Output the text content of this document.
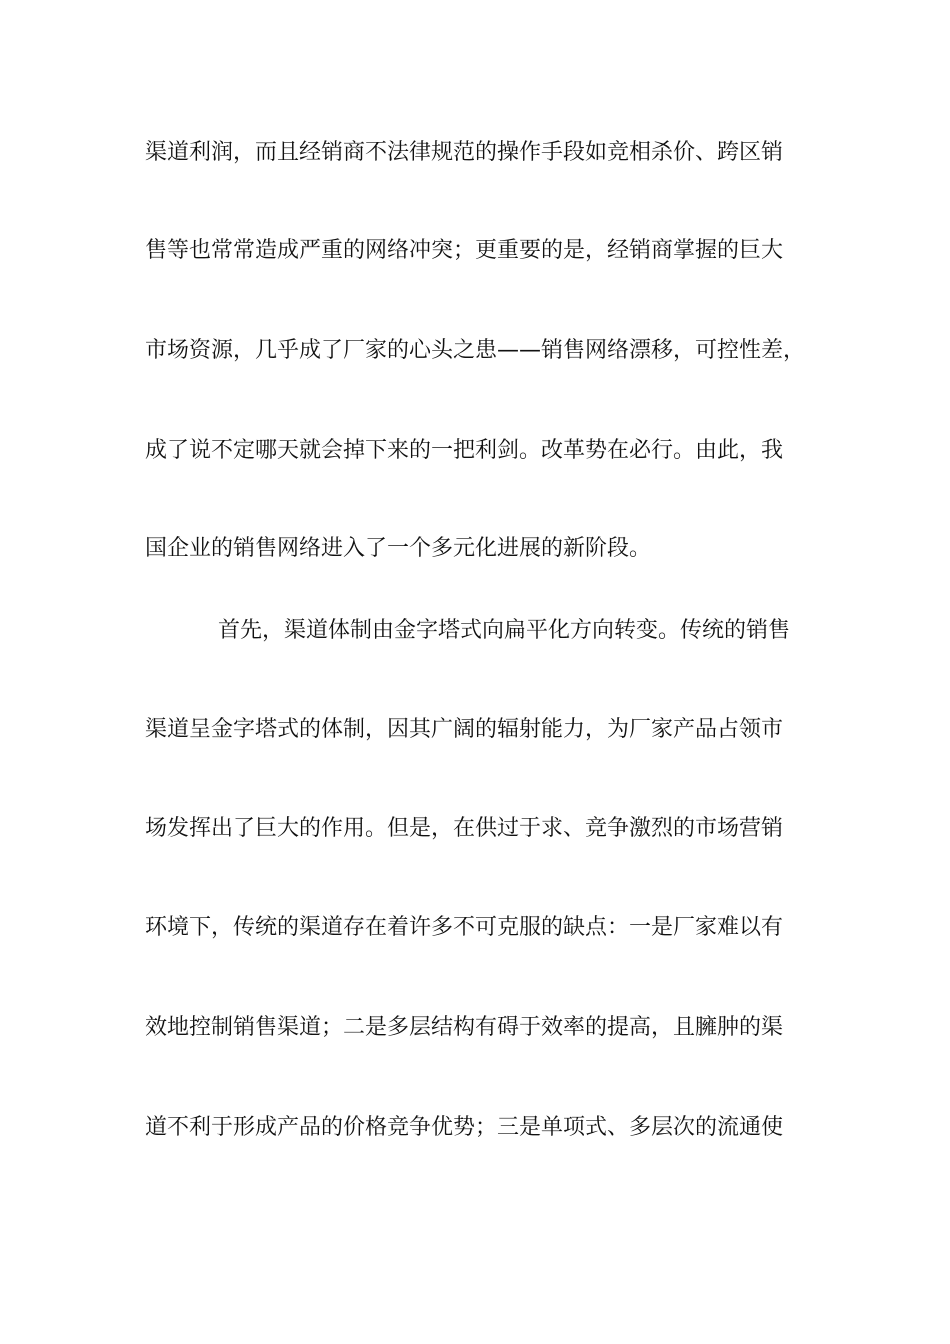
渠道利润，而且经销商不法律规范的操作手段如竞相杀价、跨区销
售等也常常造成严重的网络冲突；更重要的是，经销商掌握的巨大
市场资源，几乎成了厂家的心头之患——销售网络漂移，可控性差，
成了说不定哪天就会掉下来的一把利剑。改革势在必行。由此，我
国企业的销售网络进入了一个多元化进展的新阶段。
首先，渠道体制由金字塔式向扁平化方向转变。传统的销售
渠道呈金字塔式的体制，因其广阔的辐射能力，为厂家产品占领市
场发挥出了巨大的作用。但是，在供过于求、竞争激烈的市场营销
环境下，传统的渠道存在着许多不可克服的缺点：一是厂家难以有
效地控制销售渠道；二是多层结构有碍于效率的提高，且臃肿的渠
道不利于形成产品的价格竞争优势；三是单项式、多层次的流通使
